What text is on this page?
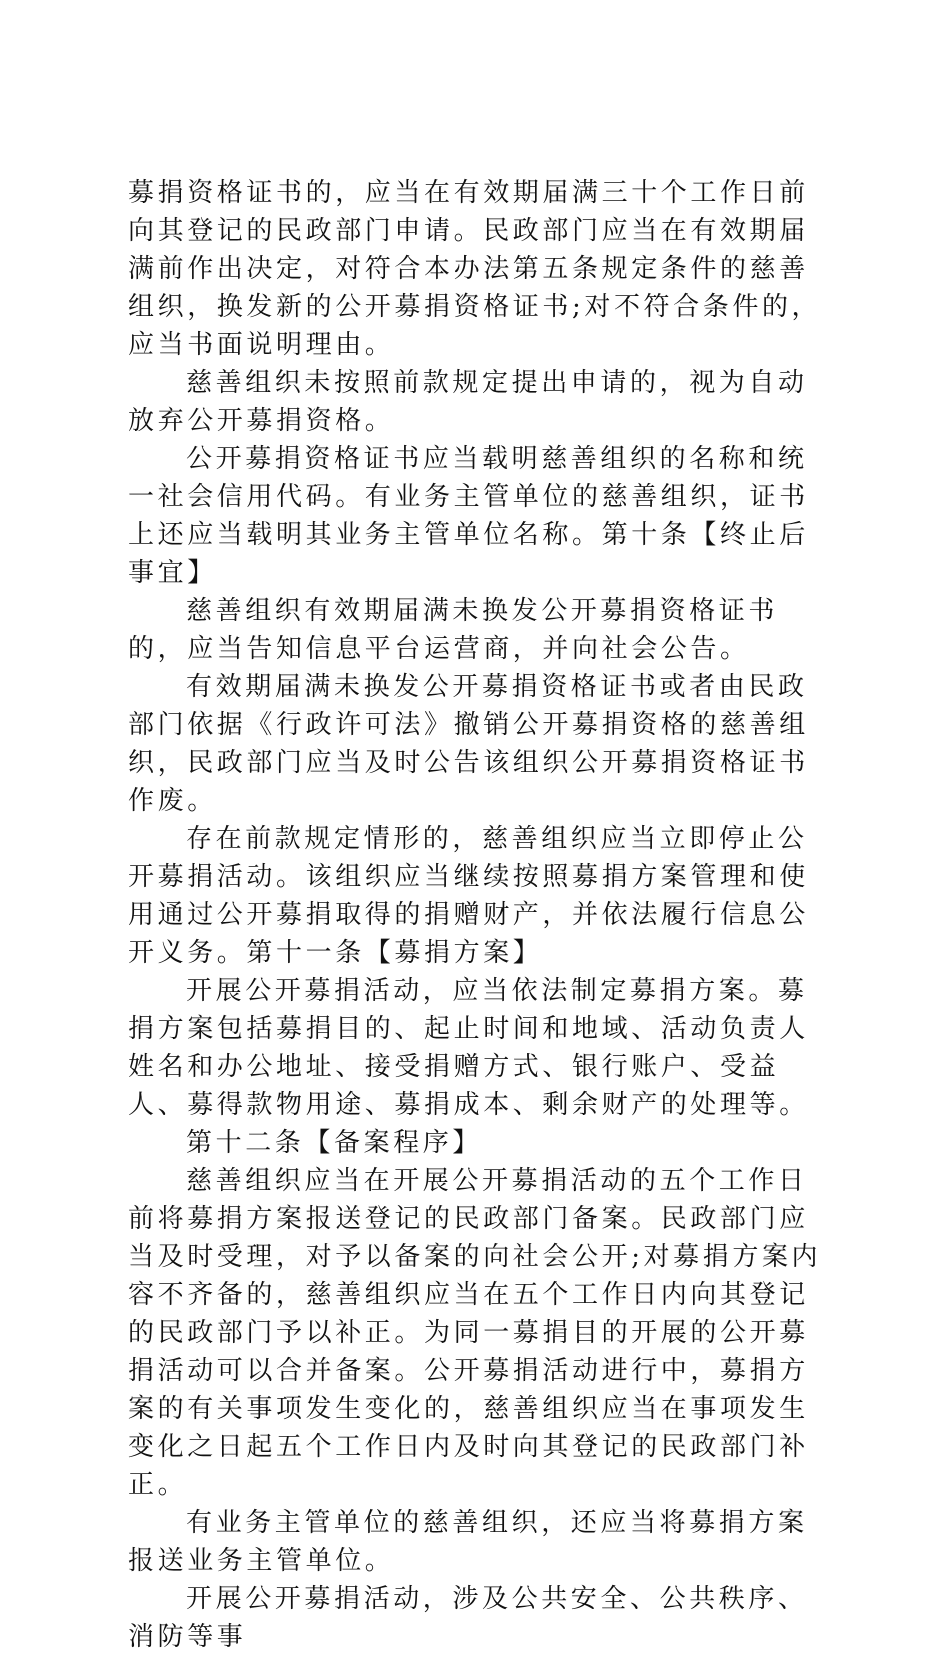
募捐资格证书的，应当在有效期届满三十个工作日前向其登记的民政部门申请。民政部门应当在有效期届满前作出决定，对符合本办法第五条规定条件的慈善组织，换发新的公开募捐资格证书;对不符合条件的，应当书面说明理由。

慈善组织未按照前款规定提出申请的，视为自动放弃公开募捐资格。

公开募捐资格证书应当载明慈善组织的名称和统一社会信用代码。有业务主管单位的慈善组织，证书上还应当载明其业务主管单位名称。第十条【终止后事宜】

慈善组织有效期届满未换发公开募捐资格证书的，应当告知信息平台运营商，并向社会公告。

有效期届满未换发公开募捐资格证书或者由民政部门依据《行政许可法》撤销公开募捐资格的慈善组织，民政部门应当及时公告该组织公开募捐资格证书作废。

存在前款规定情形的，慈善组织应当立即停止公开募捐活动。该组织应当继续按照募捐方案管理和使用通过公开募捐取得的捐赠财产，并依法履行信息公开义务。第十一条【募捐方案】

开展公开募捐活动，应当依法制定募捐方案。募捐方案包括募捐目的、起止时间和地域、活动负责人姓名和办公地址、接受捐赠方式、银行账户、受益人、募得款物用途、募捐成本、剩余财产的处理等。

第十二条【备案程序】

慈善组织应当在开展公开募捐活动的五个工作日前将募捐方案报送登记的民政部门备案。民政部门应当及时受理，对予以备案的向社会公开;对募捐方案内容不齐备的，慈善组织应当在五个工作日内向其登记的民政部门予以补正。为同一募捐目的开展的公开募捐活动可以合并备案。公开募捐活动进行中，募捐方案的有关事项发生变化的，慈善组织应当在事项发生变化之日起五个工作日内及时向其登记的民政部门补正。

有业务主管单位的慈善组织，还应当将募捐方案报送业务主管单位。

开展公开募捐活动，涉及公共安全、公共秩序、消防等事
